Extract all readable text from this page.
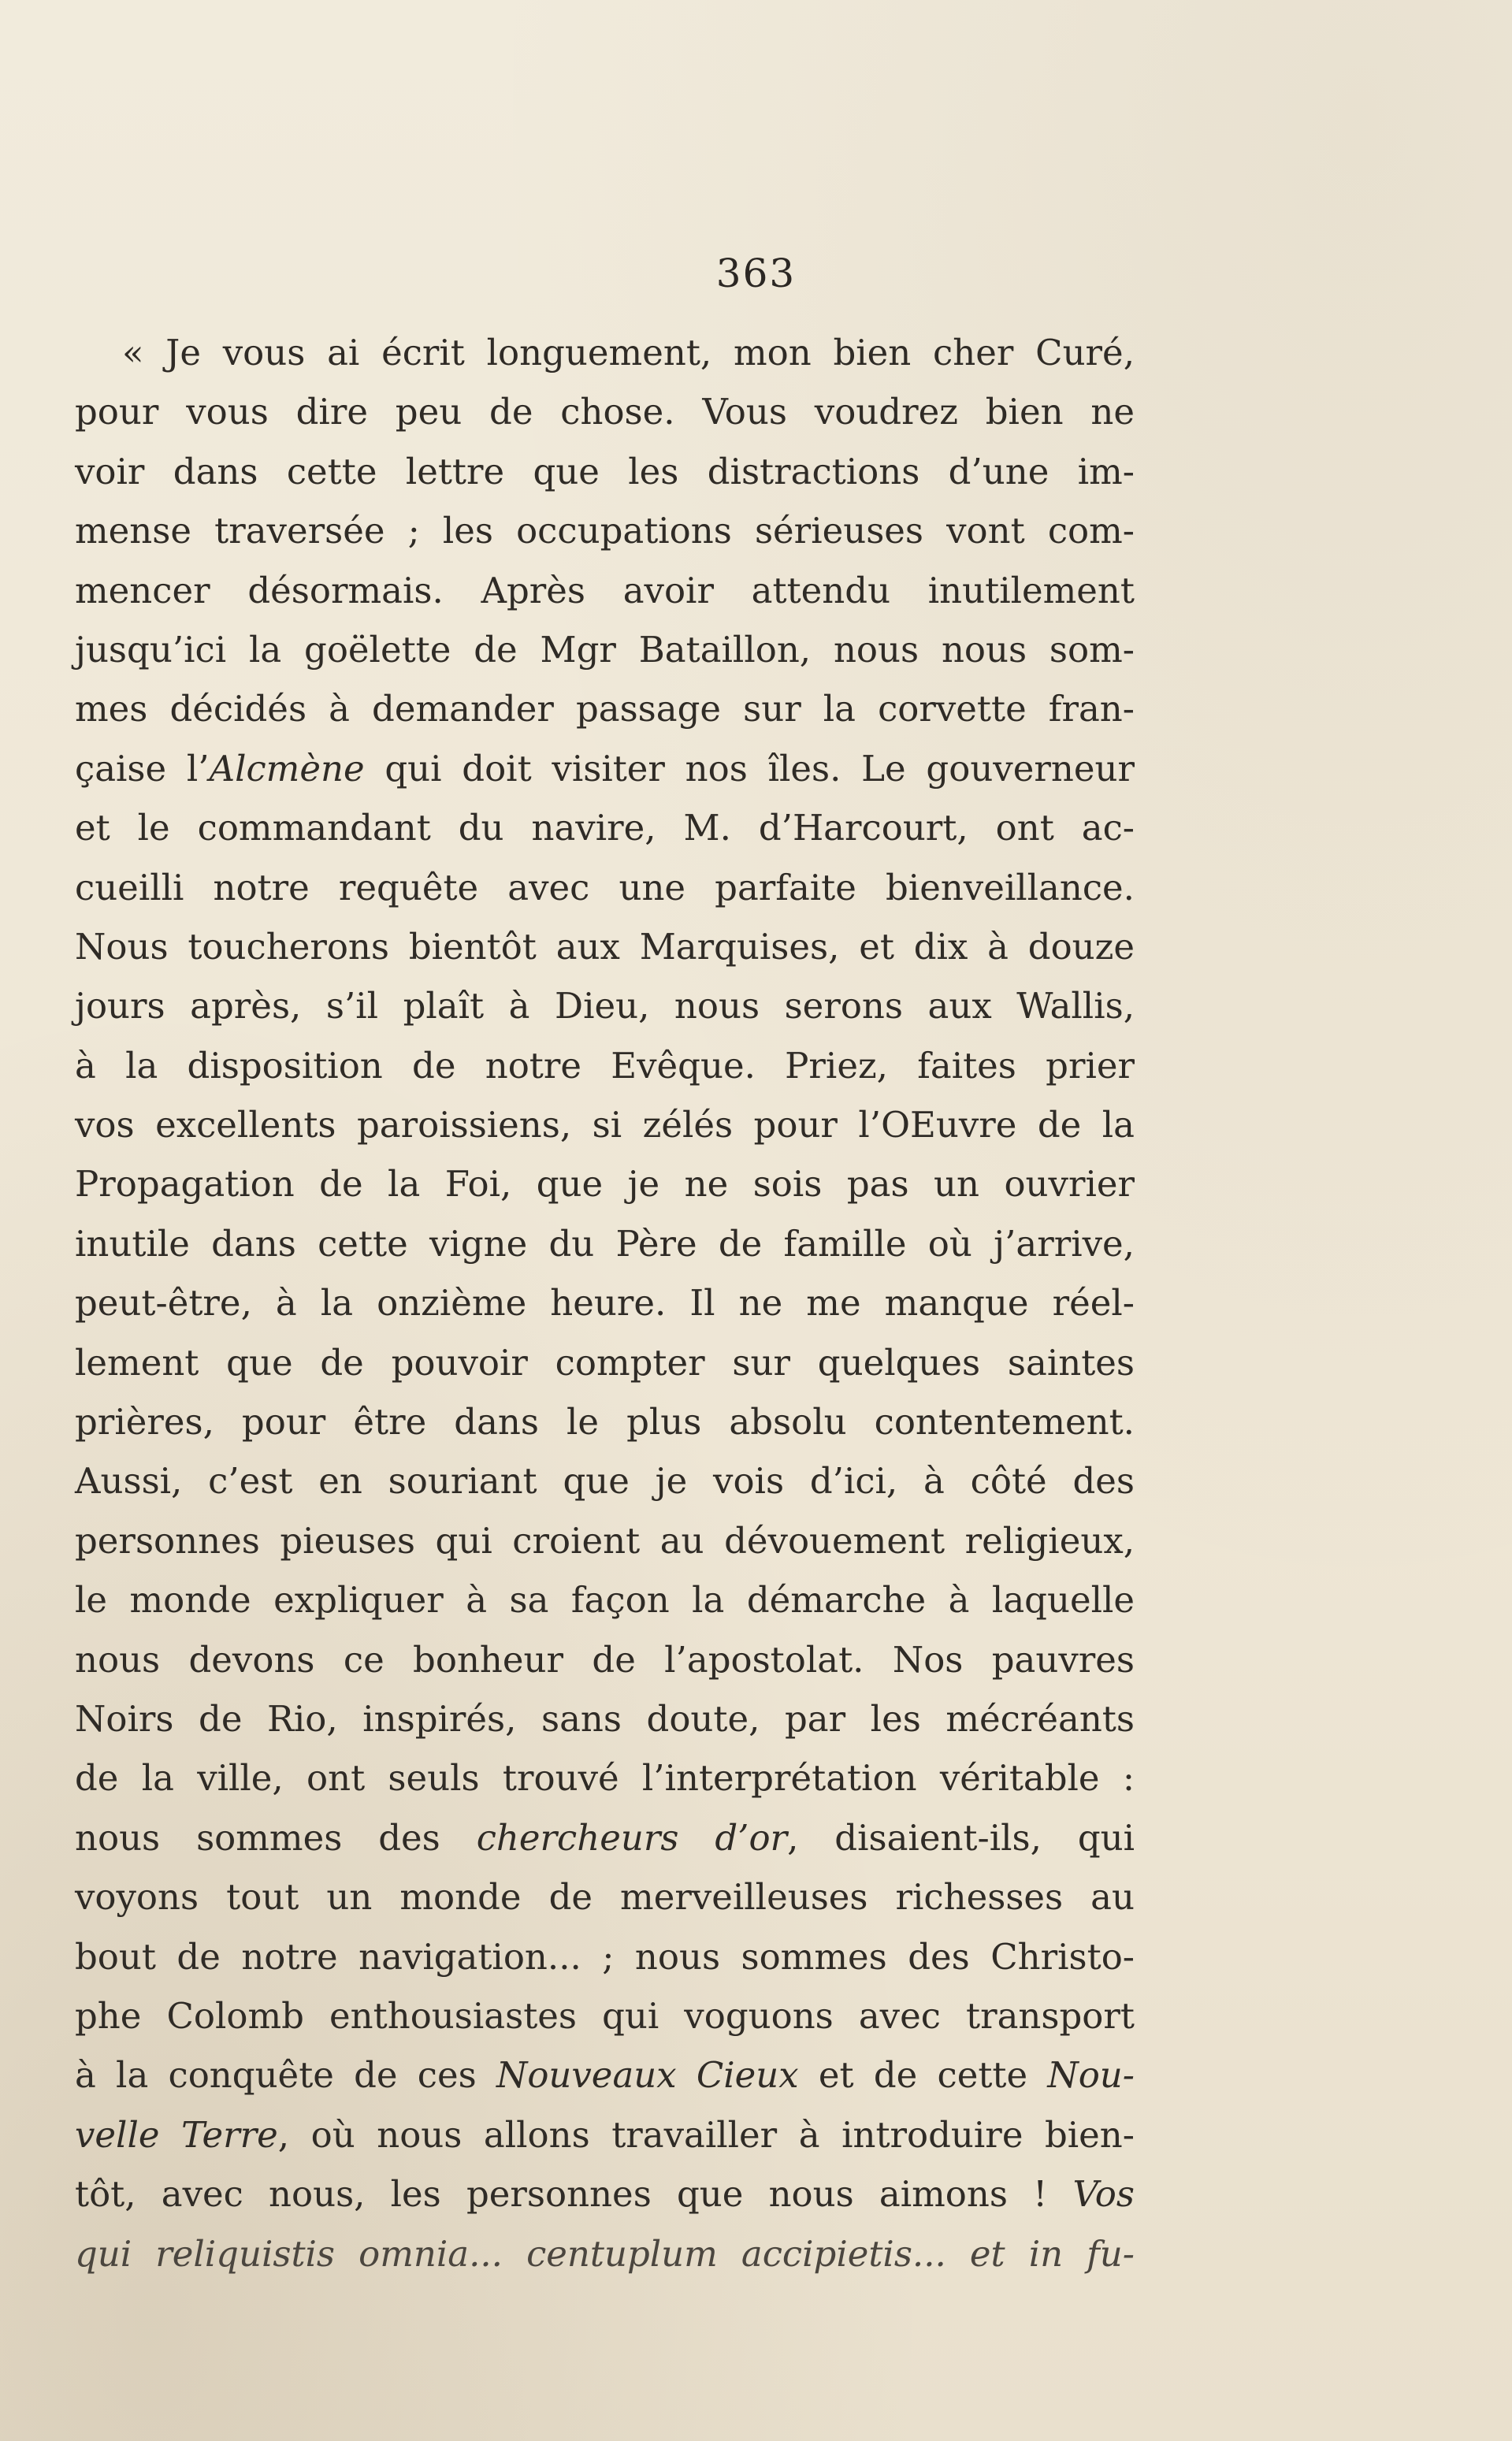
363
« Je vous ai écrit longuement, mon bien cher Curé,
pour vous dire peu de chose. Vous voudrez bien ne
voir dans cette lettre que les distractions d’une im-
mense traversée ; les occupations sérieuses vont com-
mencer désormais. Après avoir attendu inutilement
jusqu’ici la goëlette de Mgr Bataillon, nous nous som-
mes décidés à demander passage sur la corvette fran-
çaise l’Alcmène qui doit visiter nos îles. Le gouverneur
et le commandant du navire, M. d’Harcourt, ont ac-
cueilli notre requête avec une parfaite bienveillance.
Nous toucherons bientôt aux Marquises, et dix à douze
jours après, s’il plaît à Dieu, nous serons aux Wallis,
à la disposition de notre Evêque. Priez, faites prier
vos excellents paroissiens, si zélés pour l’OEuvre de la
Propagation de la Foi, que je ne sois pas un ouvrier
inutile dans cette vigne du Père de famille où j’arrive,
peut-être, à la onzième heure. Il ne me manque réel-
lement que de pouvoir compter sur quelques saintes
prières, pour être dans le plus absolu contentement.
Aussi, c’est en souriant que je vois d’ici, à côté des
personnes pieuses qui croient au dévouement religieux,
le monde expliquer à sa façon la démarche à laquelle
nous devons ce bonheur de l’apostolat. Nos pauvres
Noirs de Rio, inspirés, sans doute, par les mécréants
de la ville, ont seuls trouvé l’interprétation véritable :
nous sommes des chercheurs d’or, disaient-ils, qui
voyons tout un monde de merveilleuses richesses au
bout de notre navigation... ; nous sommes des Christo-
phe Colomb enthousiastes qui voguons avec transport
à la conquête de ces Nouveaux Cieux et de cette Nou-
velle Terre, où nous allons travailler à introduire bien-
tôt, avec nous, les personnes que nous aimons ! Vos
qui reliquistis omnia... centuplum accipietis... et in fu-
